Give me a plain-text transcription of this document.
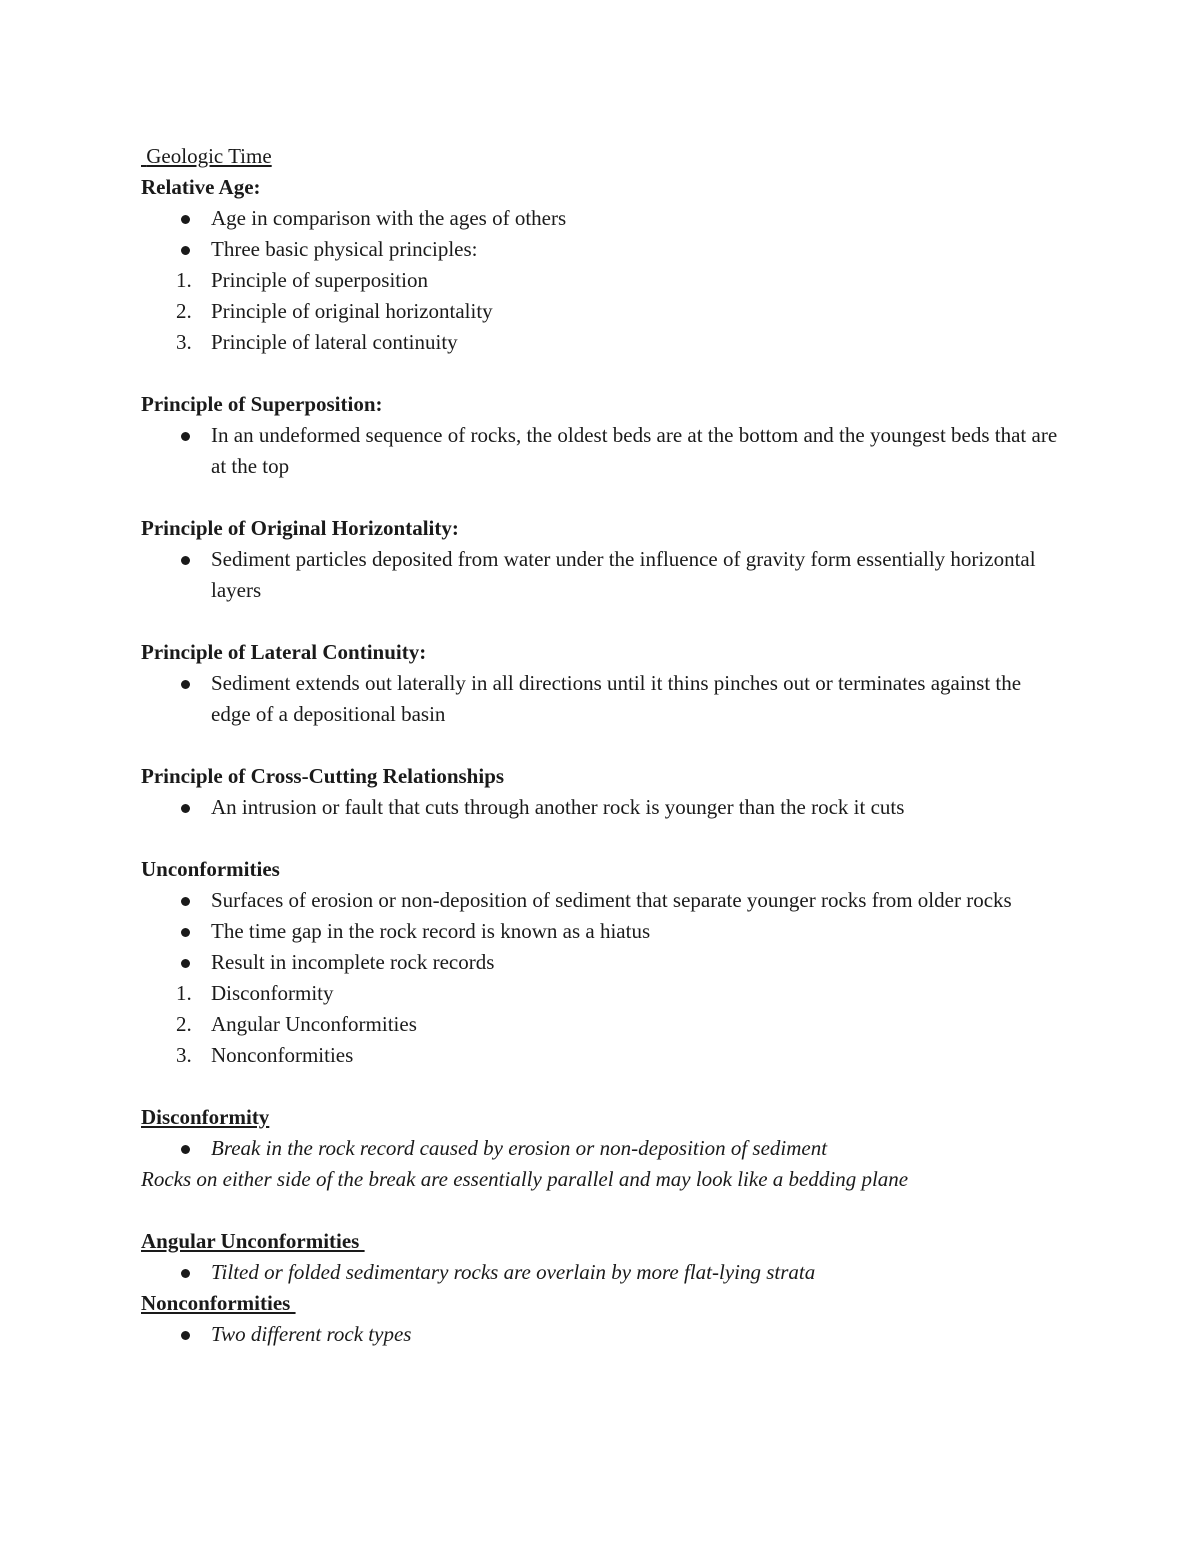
Geologic Time

Relative Age:

Age in comparison with the ages of others
Three basic physical principles:
1. Principle of superposition
2. Principle of original horizontality
3. Principle of lateral continuity

Principle of Superposition:

In an undeformed sequence of rocks, the oldest beds are at the bottom and the youngest beds that are at the top

Principle of Original Horizontality:

Sediment particles deposited from water under the influence of gravity form essentially horizontal layers

Principle of Lateral Continuity:

Sediment extends out laterally in all directions until it thins pinches out or terminates against the edge of a depositional basin

Principle of Cross-Cutting Relationships

An intrusion or fault that cuts through another rock is younger than the rock it cuts

Unconformities

Surfaces of erosion or non-deposition of sediment that separate younger rocks from older rocks
The time gap in the rock record is known as a hiatus
Result in incomplete rock records
1. Disconformity
2. Angular Unconformities
3. Nonconformities

Disconformity

Break in the rock record caused by erosion or non-deposition of sediment

Rocks on either side of the break are essentially parallel and may look like a bedding plane

Angular Unconformities

Tilted or folded sedimentary rocks are overlain by more flat-lying strata

Nonconformities

Two different rock types
